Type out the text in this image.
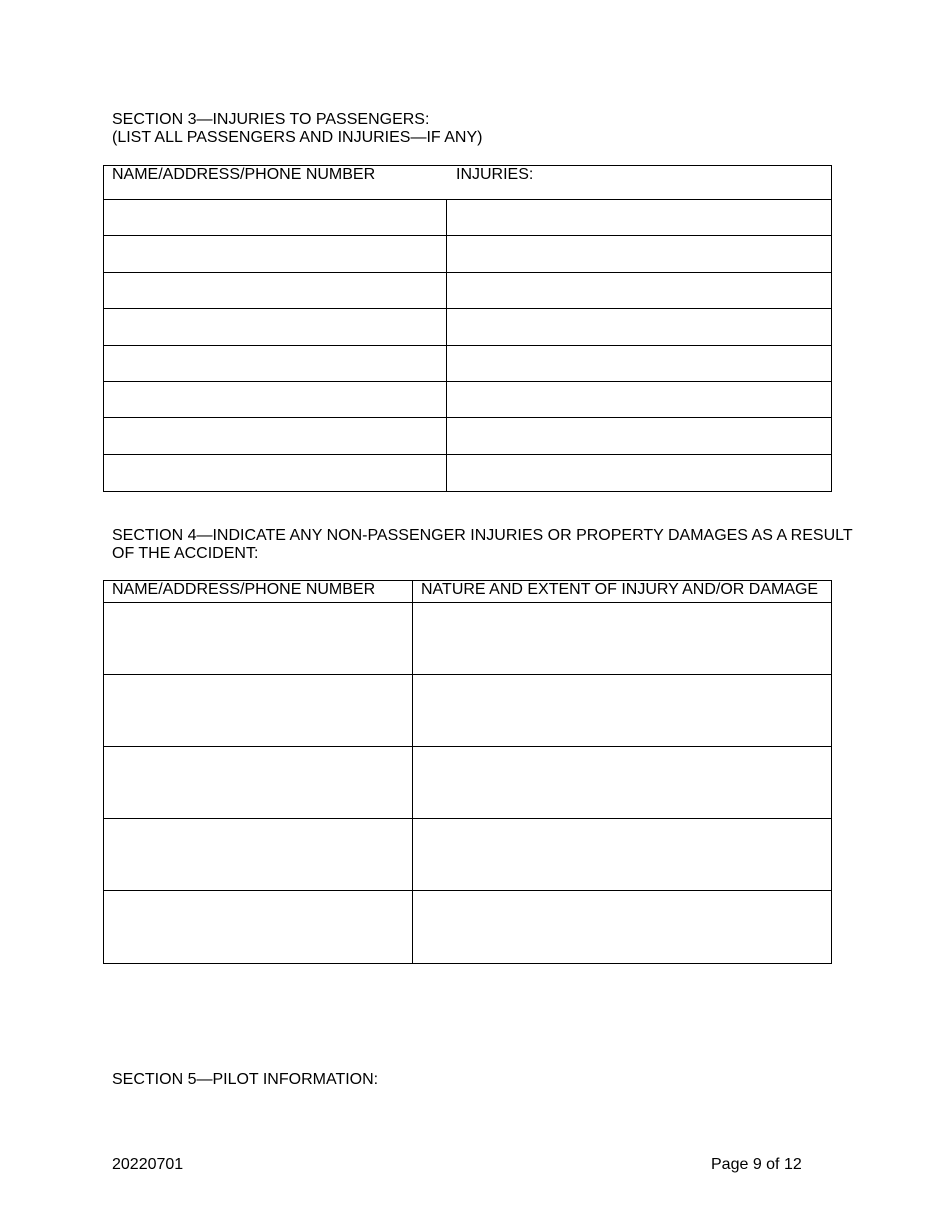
SECTION 3—INJURIES TO PASSENGERS:
(LIST ALL PASSENGERS AND INJURIES—IF ANY)
NAME/ADDRESS/PHONE NUMBER	INJURIES:
SECTION 4—INDICATE ANY NON-PASSENGER INJURIES OR PROPERTY DAMAGES AS A RESULT
OF THE ACCIDENT:
NAME/ADDRESS/PHONE NUMBER	NATURE AND EXTENT OF INJURY AND/OR DAMAGE
SECTION 5—PILOT INFORMATION:
20220701	Page 9 of 12
